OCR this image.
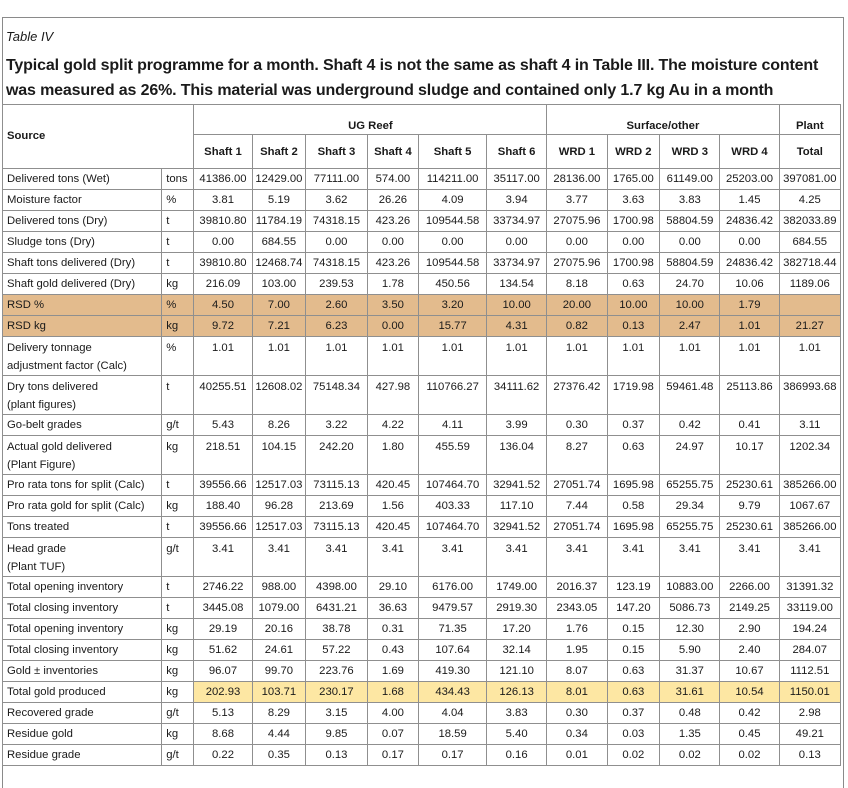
Table IV
Typical gold split programme for a month. Shaft 4 is not the same as shaft 4 in Table III. The moisture content was measured as 26%. This material was underground sludge and contained only 1.7 kg Au in a month
Source		UG Reef						Surface/other				Plant
		Shaft 1	Shaft 2	Shaft 3	Shaft 4	Shaft 5	Shaft 6	WRD 1	WRD 2	WRD 3	WRD 4	Total

Delivered tons (Wet)	tons	41386.00	12429.00	77111.00	574.00	114211.00	35117.00	28136.00	1765.00	61149.00	25203.00	397081.00

Moisture factor	%	3.81	5.19	3.62	26.26	4.09	3.94	3.77	3.63	3.83	1.45	4.25

Delivered tons (Dry)	t	39810.80	11784.19	74318.15	423.26	109544.58	33734.97	27075.96	1700.98	58804.59	24836.42	382033.89

Sludge tons (Dry)	t	0.00	684.55	0.00	0.00	0.00	0.00	0.00	0.00	0.00	0.00	684.55

Shaft tons delivered (Dry)	t	39810.80	12468.74	74318.15	423.26	109544.58	33734.97	27075.96	1700.98	58804.59	24836.42	382718.44

Shaft gold delivered (Dry)	kg	216.09	103.00	239.53	1.78	450.56	134.54	8.18	0.63	24.70	10.06	1189.06

RSD %	%	4.50	7.00	2.60	3.50	3.20	10.00	20.00	10.00	10.00	1.79	

RSD kg	kg	9.72	7.21	6.23	0.00	15.77	4.31	0.82	0.13	2.47	1.01	21.27

Delivery tonnage
adjustment factor (Calc)	%	1.01	1.01	1.01	1.01	1.01	1.01	1.01	1.01	1.01	1.01	1.01

Dry tons delivered
(plant figures)	t	40255.51	12608.02	75148.34	427.98	110766.27	34111.62	27376.42	1719.98	59461.48	25113.86	386993.68

Go-belt grades	g/t	5.43	8.26	3.22	4.22	4.11	3.99	0.30	0.37	0.42	0.41	3.11

Actual gold delivered
(Plant Figure)	kg	218.51	104.15	242.20	1.80	455.59	136.04	8.27	0.63	24.97	10.17	1202.34

Pro rata tons for split (Calc)	t	39556.66	12517.03	73115.13	420.45	107464.70	32941.52	27051.74	1695.98	65255.75	25230.61	385266.00

Pro rata gold for split (Calc)	kg	188.40	96.28	213.69	1.56	403.33	117.10	7.44	0.58	29.34	9.79	1067.67

Tons treated	t	39556.66	12517.03	73115.13	420.45	107464.70	32941.52	27051.74	1695.98	65255.75	25230.61	385266.00

Head grade
(Plant TUF)	g/t	3.41	3.41	3.41	3.41	3.41	3.41	3.41	3.41	3.41	3.41	3.41

Total opening inventory	t	2746.22	988.00	4398.00	29.10	6176.00	1749.00	2016.37	123.19	10883.00	2266.00	31391.32

Total closing inventory	t	3445.08	1079.00	6431.21	36.63	9479.57	2919.30	2343.05	147.20	5086.73	2149.25	33119.00

Total opening inventory	kg	29.19	20.16	38.78	0.31	71.35	17.20	1.76	0.15	12.30	2.90	194.24

Total closing inventory	kg	51.62	24.61	57.22	0.43	107.64	32.14	1.95	0.15	5.90	2.40	284.07

Gold ± inventories	kg	96.07	99.70	223.76	1.69	419.30	121.10	8.07	0.63	31.37	10.67	1112.51

Total gold produced	kg	202.93	103.71	230.17	1.68	434.43	126.13	8.01	0.63	31.61	10.54	1150.01

Recovered grade	g/t	5.13	8.29	3.15	4.00	4.04	3.83	0.30	0.37	0.48	0.42	2.98

Residue gold	kg	8.68	4.44	9.85	0.07	18.59	5.40	0.34	0.03	1.35	0.45	49.21

Residue grade	g/t	0.22	0.35	0.13	0.17	0.17	0.16	0.01	0.02	0.02	0.02	0.13
